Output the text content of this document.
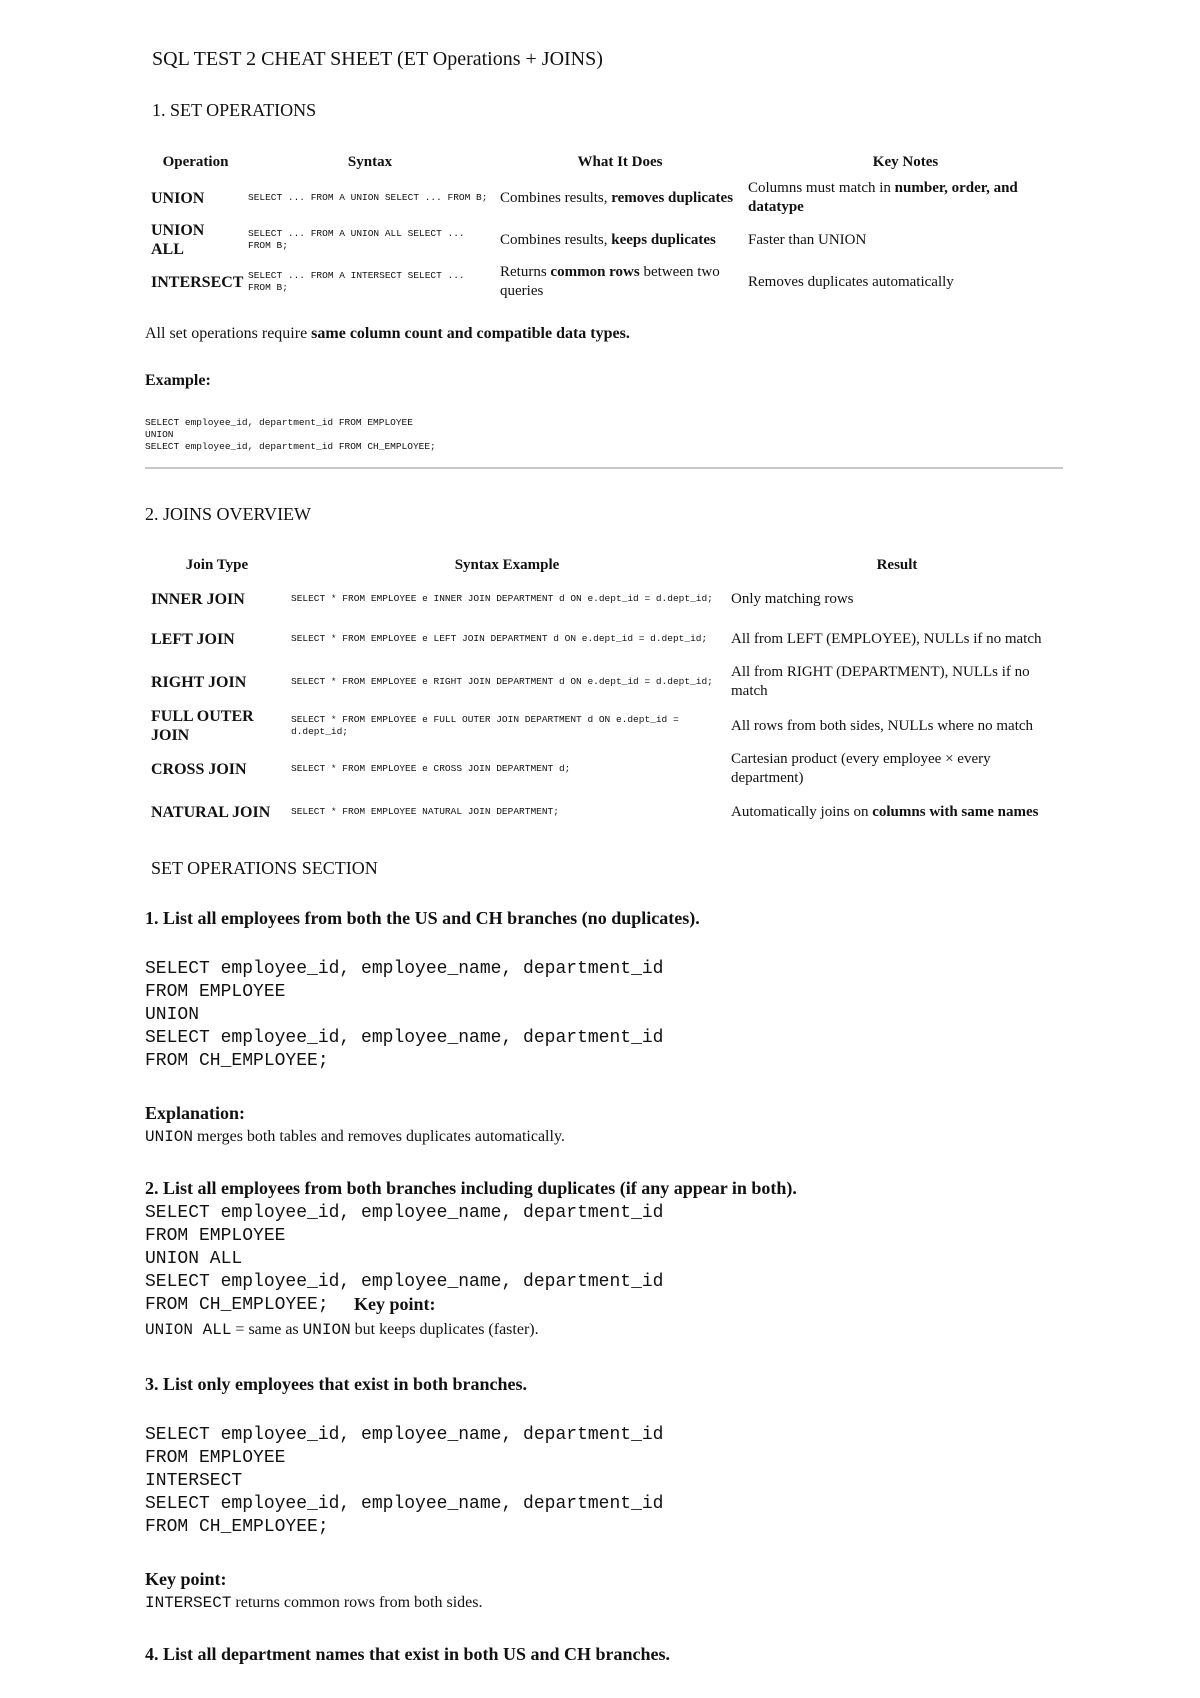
SQL TEST 2 CHEAT SHEET (ET Operations + JOINS)
1. SET OPERATIONS
Operation	Syntax	What It Does	Key Notes
UNION	SELECT ... FROM A UNION SELECT ... FROM B;	Combines results, removes duplicates	Columns must match in number, order, and datatype
UNION ALL	SELECT ... FROM A UNION ALL SELECT ... FROM B;	Combines results, keeps duplicates	Faster than UNION
INTERSECT	SELECT ... FROM A INTERSECT SELECT ... FROM B;	Returns common rows between two queries	Removes duplicates automatically
All set operations require same column count and compatible data types.
Example:
SELECT employee_id, department_id FROM EMPLOYEE
UNION
SELECT employee_id, department_id FROM CH_EMPLOYEE;
2. JOINS OVERVIEW
Join Type	Syntax Example	Result
INNER JOIN	SELECT * FROM EMPLOYEE e INNER JOIN DEPARTMENT d ON e.dept_id = d.dept_id;	Only matching rows
LEFT JOIN	SELECT * FROM EMPLOYEE e LEFT JOIN DEPARTMENT d ON e.dept_id = d.dept_id;	All from LEFT (EMPLOYEE), NULLs if no match
RIGHT JOIN	SELECT * FROM EMPLOYEE e RIGHT JOIN DEPARTMENT d ON e.dept_id = d.dept_id;	All from RIGHT (DEPARTMENT), NULLs if no match
FULL OUTER JOIN	SELECT * FROM EMPLOYEE e FULL OUTER JOIN DEPARTMENT d ON e.dept_id = d.dept_id;	All rows from both sides, NULLs where no match
CROSS JOIN	SELECT * FROM EMPLOYEE e CROSS JOIN DEPARTMENT d;	Cartesian product (every employee × every department)
NATURAL JOIN	SELECT * FROM EMPLOYEE NATURAL JOIN DEPARTMENT;	Automatically joins on columns with same names
SET OPERATIONS SECTION
1. List all employees from both the US and CH branches (no duplicates).
SELECT employee_id, employee_name, department_id
FROM EMPLOYEE
UNION
SELECT employee_id, employee_name, department_id
FROM CH_EMPLOYEE;
Explanation:
UNION merges both tables and removes duplicates automatically.
2. List all employees from both branches including duplicates (if any appear in both).
SELECT employee_id, employee_name, department_id
FROM EMPLOYEE
UNION ALL
SELECT employee_id, employee_name, department_id
FROM CH_EMPLOYEE;	Key point:
UNION ALL = same as UNION but keeps duplicates (faster).
3. List only employees that exist in both branches.
SELECT employee_id, employee_name, department_id
FROM EMPLOYEE
INTERSECT
SELECT employee_id, employee_name, department_id
FROM CH_EMPLOYEE;
Key point:
INTERSECT returns common rows from both sides.
4. List all department names that exist in both US and CH branches.
